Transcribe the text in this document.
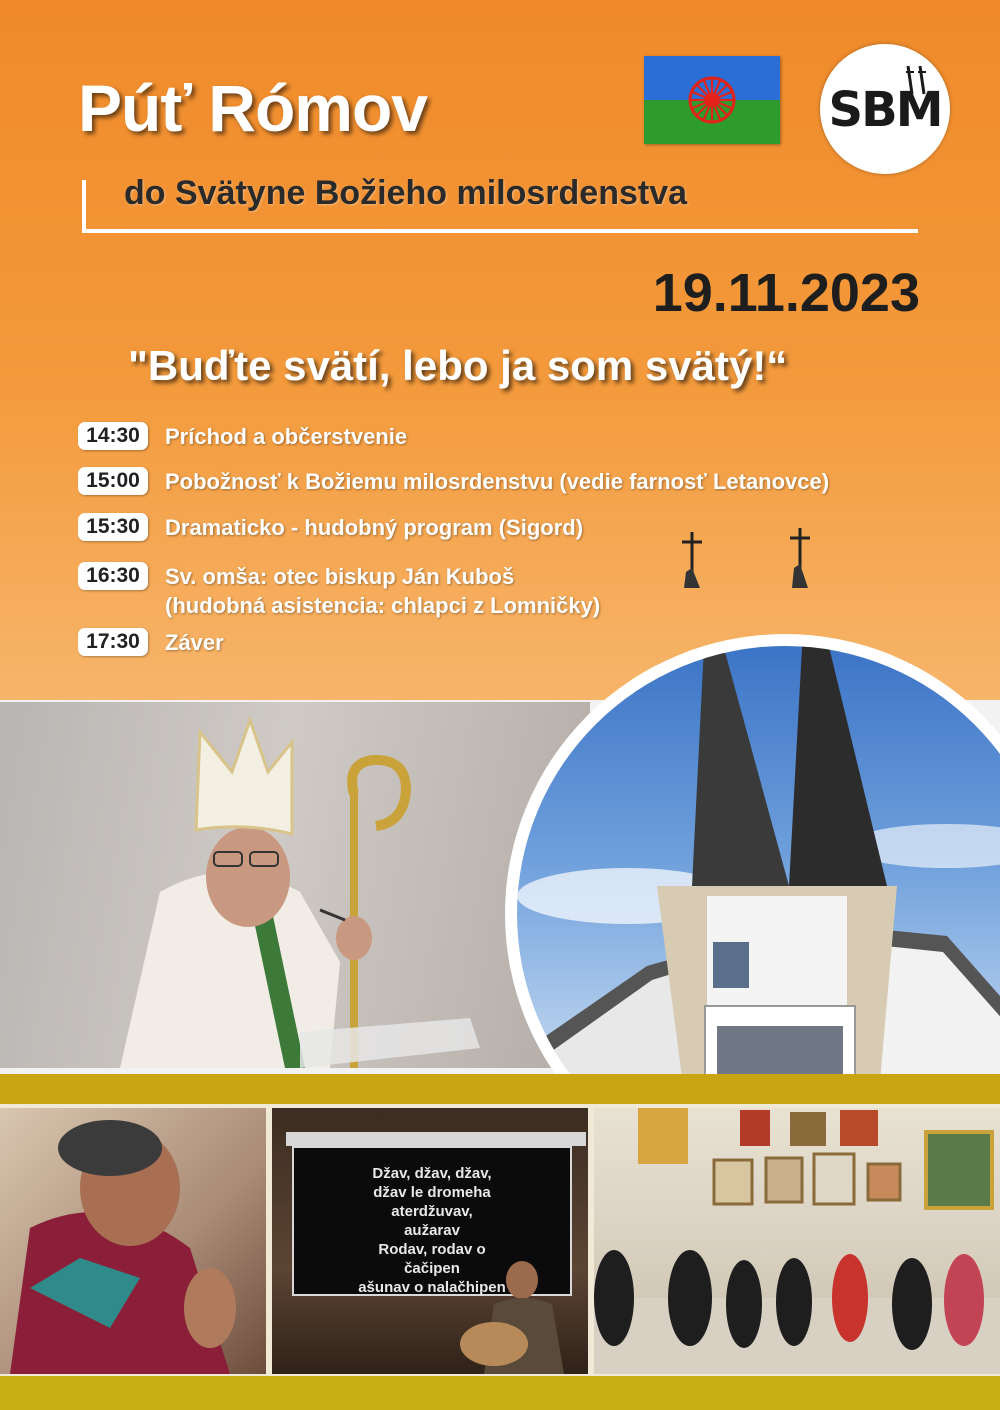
Púť Rómov
do Svätyne Božieho milosrdenstva
SBM
19.11.2023
"Buďte svätí, lebo ja som svätý!“
14:30	Príchod a občerstvenie
15:00	Pobožnosť k Božiemu milosrdenstvu (vedie farnosť Letanovce)
15:30	Dramaticko - hudobný program (Sigord)
16:30	Sv. omša: otec biskup Ján Kuboš
(hudobná asistencia: chlapci z Lomničky)
17:30	Záver
Džav, džav, džav,
džav le dromeha
aterdžuvav,
aužarav
Rodav, rodav o
čačipen
ašunav o nalačhipen
